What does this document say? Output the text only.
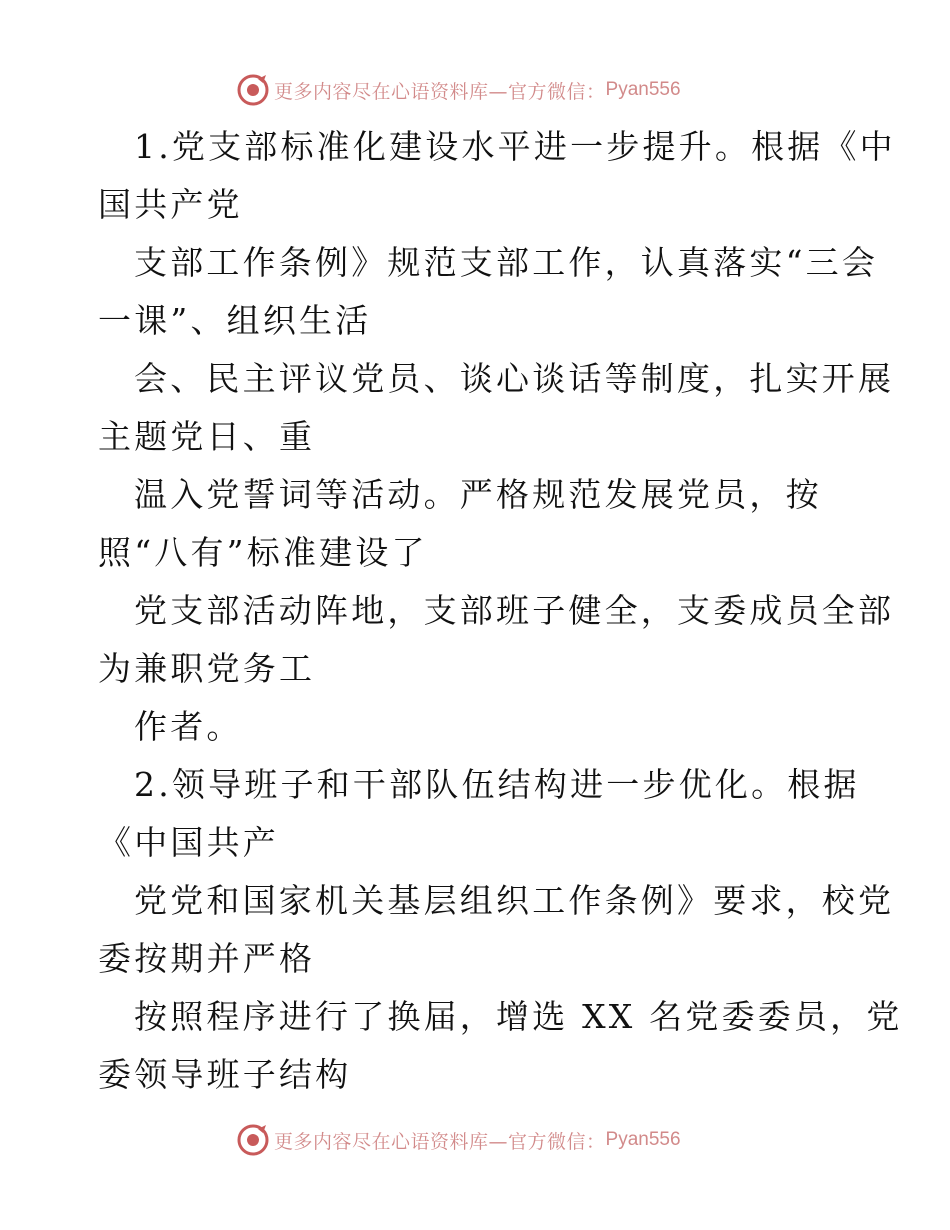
更多内容尽在心语资料库—官方微信： Pyan556
1.党支部标准化建设水平进一步提升。根据《中
国共产党
支部工作条例》规范支部工作，认真落实“三会
一课”、组织生活
会、民主评议党员、谈心谈话等制度，扎实开展
主题党日、重
温入党誓词等活动。严格规范发展党员，按
照“八有”标准建设了
党支部活动阵地，支部班子健全，支委成员全部
为兼职党务工
作者。
2.领导班子和干部队伍结构进一步优化。根据
《中国共产
党党和国家机关基层组织工作条例》要求，校党
委按期并严格
按照程序进行了换届，增选 XX 名党委委员，党
委领导班子结构
更多内容尽在心语资料库—官方微信： Pyan556
